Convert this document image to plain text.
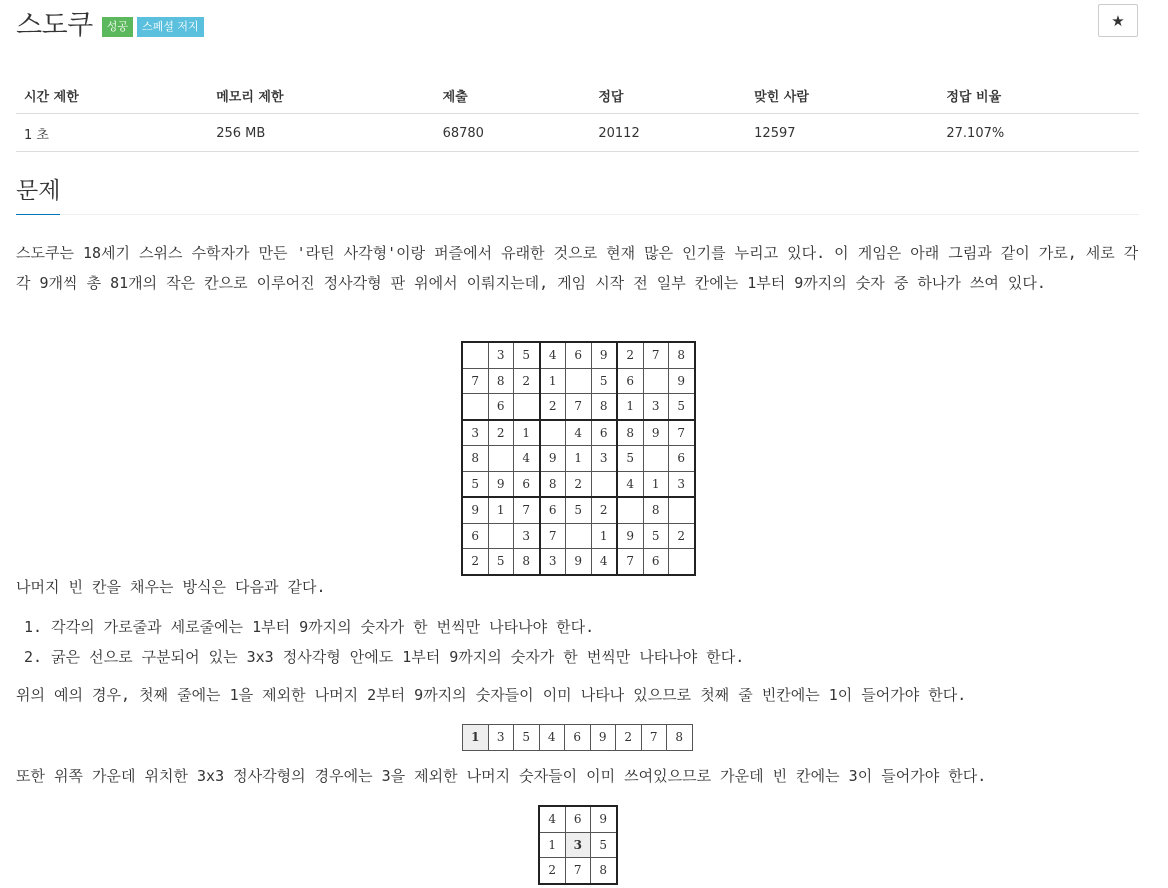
스도쿠	성공	스페셜 저지	★
시간 제한	메모리 제한	제출	정답	맞힌 사람	정답 비율
1 초	256 MB	68780	20112	12597	27.107%
문제
스도쿠는 18세기 스위스 수학자가 만든 '라틴 사각형'이랑 퍼즐에서 유래한 것으로 현재 많은 인기를 누리고 있다. 이 게임은 아래 그림과 같이 가로, 세로 각각 9개씩 총 81개의 작은 칸으로 이루어진 정사각형 판 위에서 이뤄지는데, 게임 시작 전 일부 칸에는 1부터 9까지의 숫자 중 하나가 쓰여 있다.
	3	5	4	6	9	2	7	8
7	8	2	1		5	6		9
	6		2	7	8	1	3	5
3	2	1		4	6	8	9	7
8		4	9	1	3	5		6
5	9	6	8	2		4	1	3
9	1	7	6	5	2		8	
6		3	7		1	9	5	2
2	5	8	3	9	4	7	6	
나머지 빈 칸을 채우는 방식은 다음과 같다.
1. 각각의 가로줄과 세로줄에는 1부터 9까지의 숫자가 한 번씩만 나타나야 한다.
2. 굵은 선으로 구분되어 있는 3x3 정사각형 안에도 1부터 9까지의 숫자가 한 번씩만 나타나야 한다.
위의 예의 경우, 첫째 줄에는 1을 제외한 나머지 2부터 9까지의 숫자들이 이미 나타나 있으므로 첫째 줄 빈칸에는 1이 들어가야 한다.
1	3	5	4	6	9	2	7	8
또한 위쪽 가운데 위치한 3x3 정사각형의 경우에는 3을 제외한 나머지 숫자들이 이미 쓰여있으므로 가운데 빈 칸에는 3이 들어가야 한다.
4	6	9
1	3	5
2	7	8
